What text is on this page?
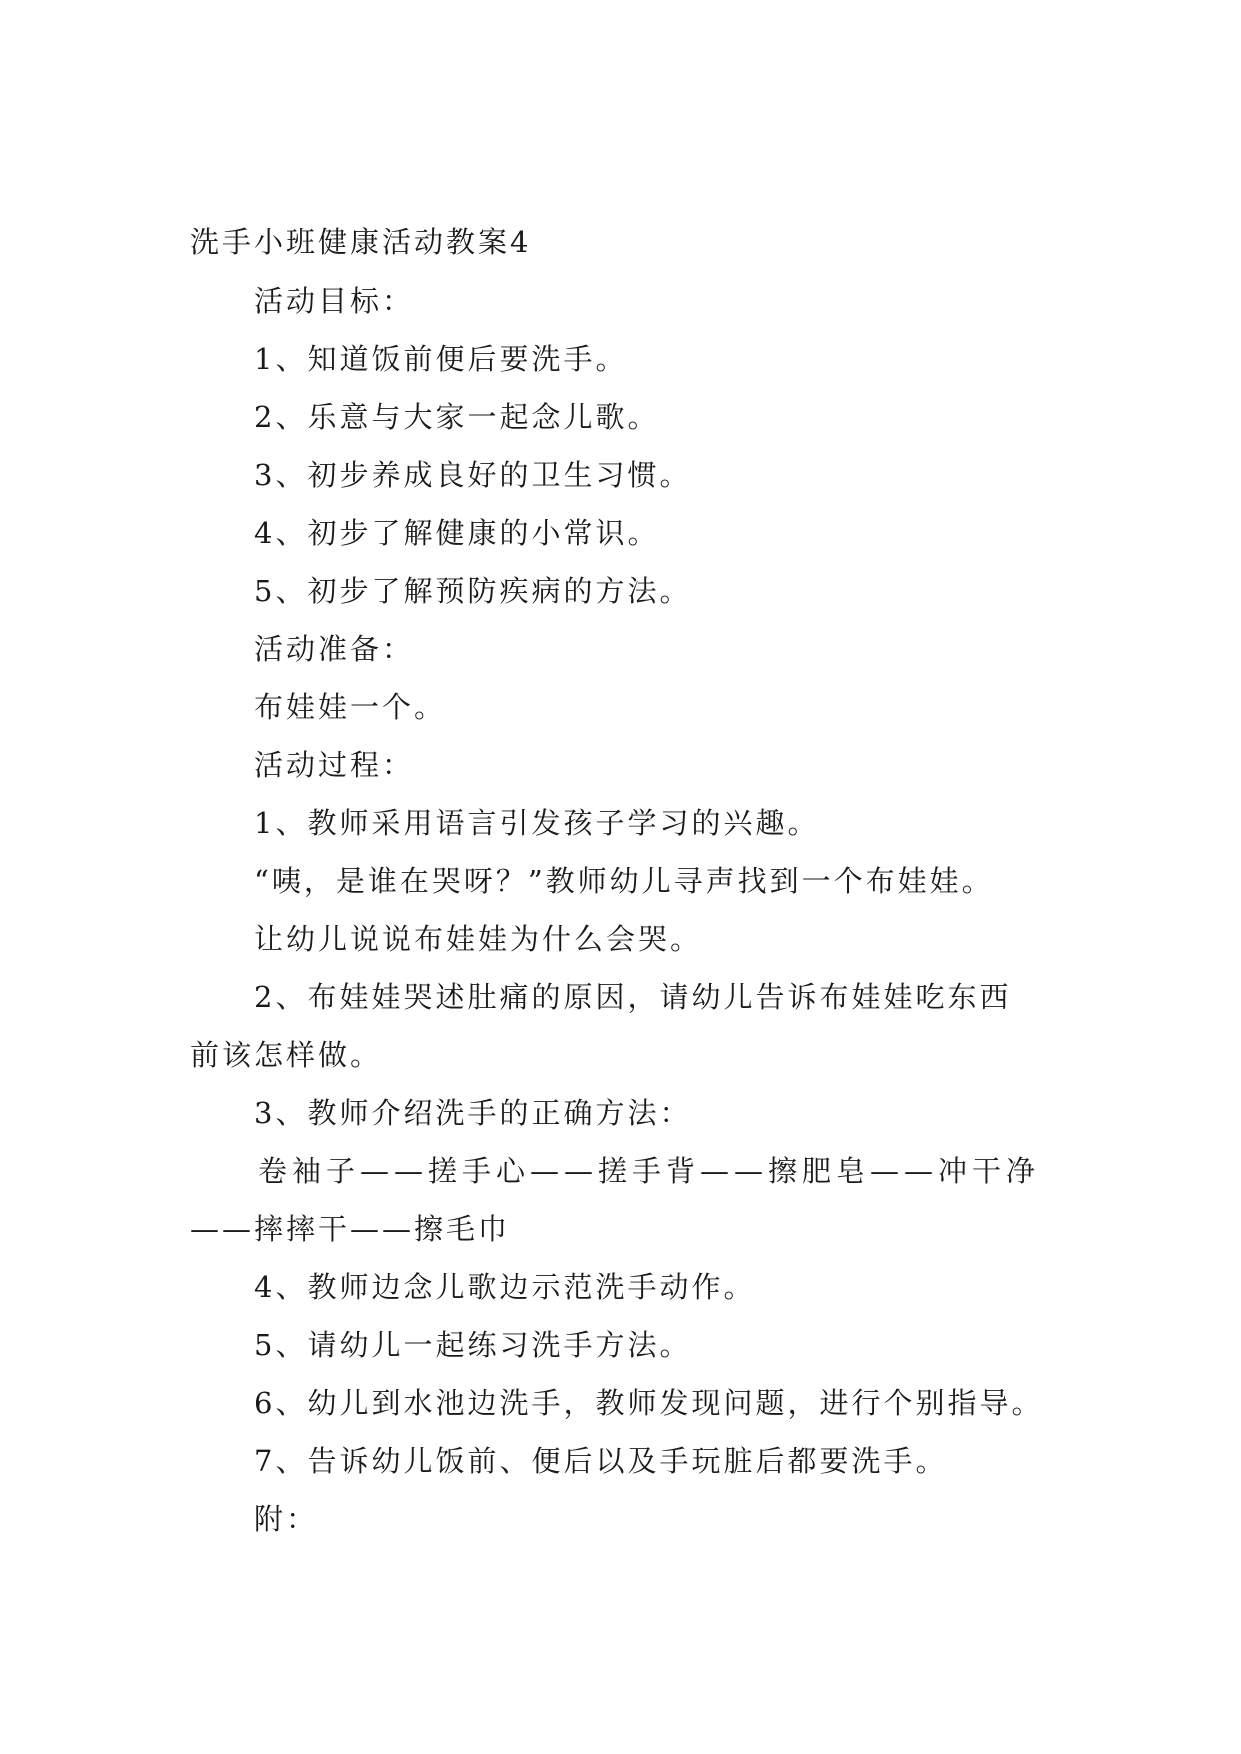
洗手小班健康活动教案4
活动目标：
1、知道饭前便后要洗手。
2、乐意与大家一起念儿歌。
3、初步养成良好的卫生习惯。
4、初步了解健康的小常识。
5、初步了解预防疾病的方法。
活动准备：
布娃娃一个。
活动过程：
1、教师采用语言引发孩子学习的兴趣。
“咦，是谁在哭呀？”教师幼儿寻声找到一个布娃娃。
让幼儿说说布娃娃为什么会哭。
2、布娃娃哭述肚痛的原因，请幼儿告诉布娃娃吃东西
前该怎样做。
3、教师介绍洗手的正确方法：
卷袖子——搓手心——搓手背——擦肥皂——冲干净
——摔摔干——擦毛巾
4、教师边念儿歌边示范洗手动作。
5、请幼儿一起练习洗手方法。
6、幼儿到水池边洗手，教师发现问题，进行个别指导。
7、告诉幼儿饭前、便后以及手玩脏后都要洗手。
附：
